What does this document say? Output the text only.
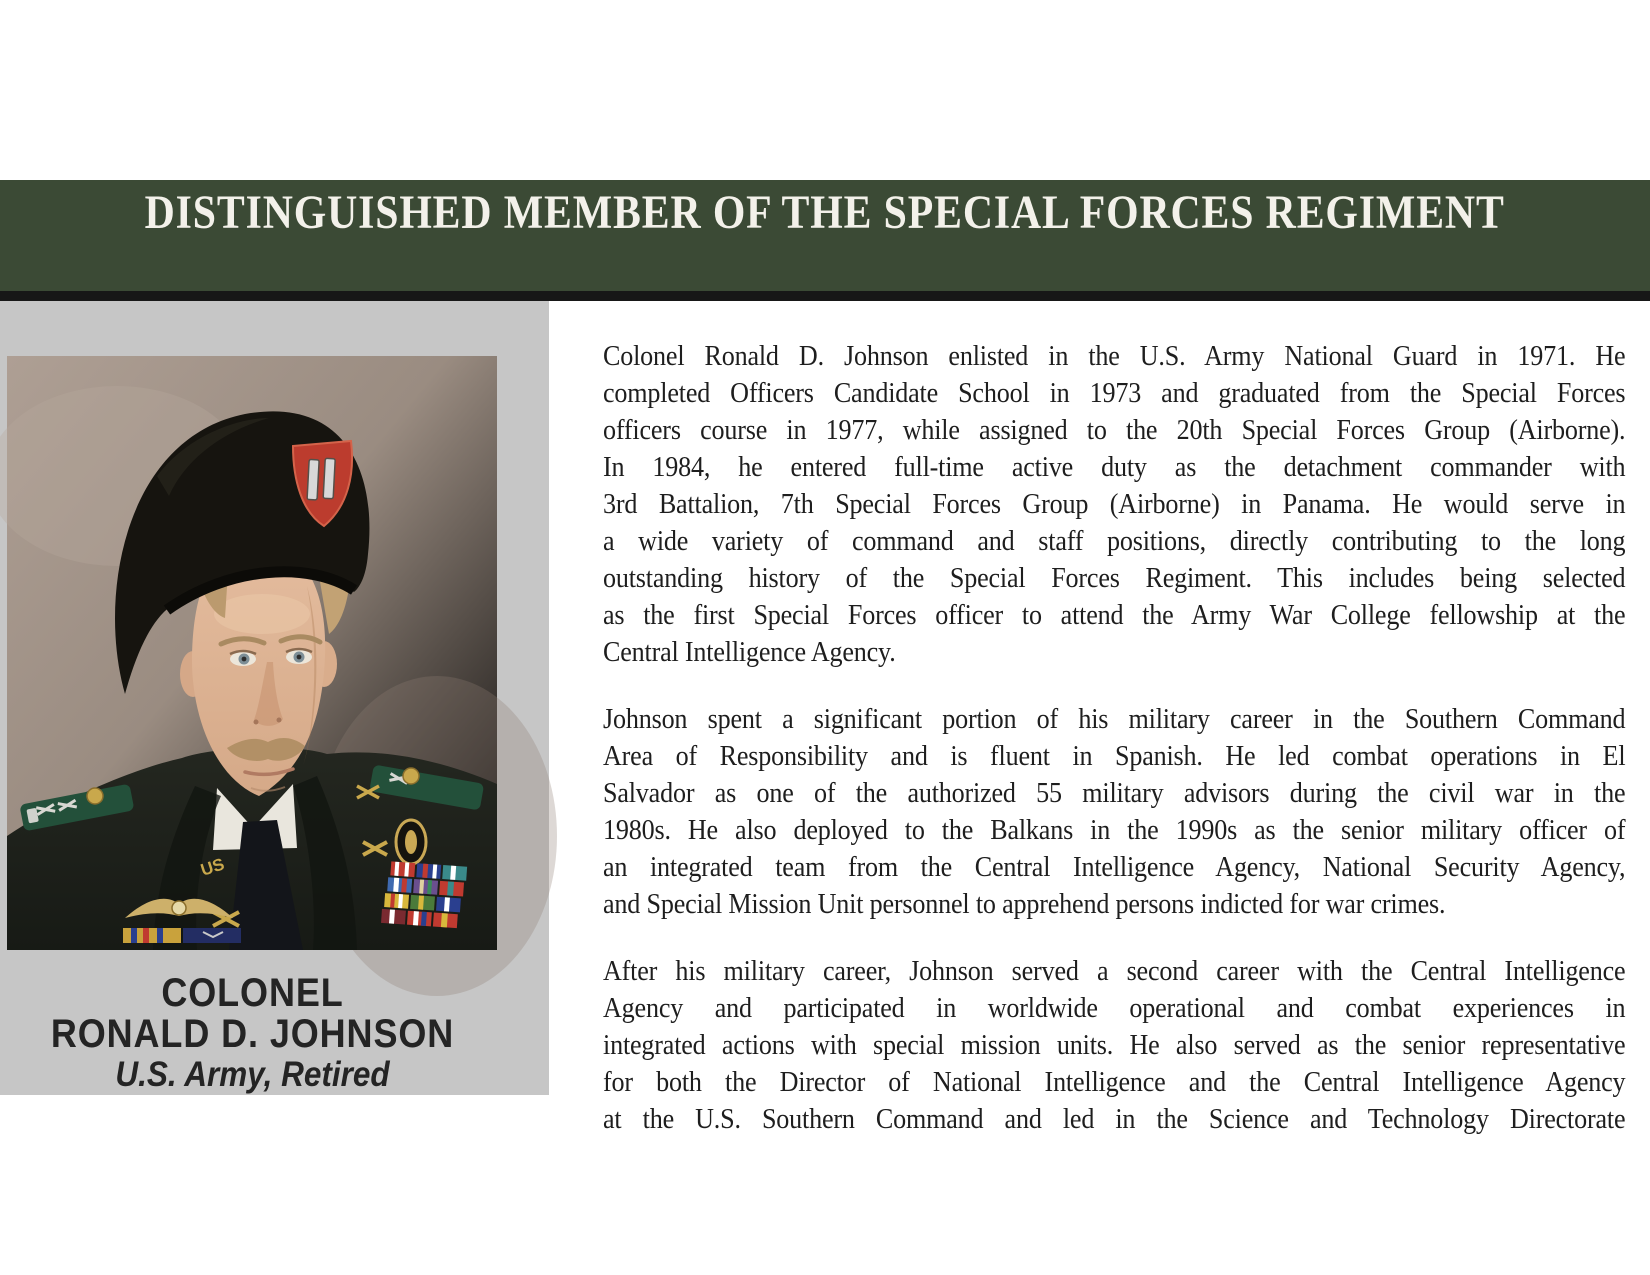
DISTINGUISHED MEMBER OF THE SPECIAL FORCES REGIMENT
US
COLONEL
RONALD D. JOHNSON
U.S. Army, Retired
Colonel Ronald D. Johnson enlisted in the U.S. Army National Guard in 1971. He
completed Officers Candidate School in 1973 and graduated from the Special Forces
officers course in 1977, while assigned to the 20th Special Forces Group (Airborne).
In 1984, he entered full-time active duty as the detachment commander with
3rd Battalion, 7th Special Forces Group (Airborne) in Panama. He would serve in
a wide variety of command and staff positions, directly contributing to the long
outstanding history of the Special Forces Regiment. This includes being selected
as the first Special Forces officer to attend the Army War College fellowship at the
Central Intelligence Agency.
Johnson spent a significant portion of his military career in the Southern Command
Area of Responsibility and is fluent in Spanish. He led combat operations in El
Salvador as one of the authorized 55 military advisors during the civil war in the
1980s. He also deployed to the Balkans in the 1990s as the senior military officer of
an integrated team from the Central Intelligence Agency, National Security Agency,
and Special Mission Unit personnel to apprehend persons indicted for war crimes.
After his military career, Johnson served a second career with the Central Intelligence
Agency and participated in worldwide operational and combat experiences in
integrated actions with special mission units. He also served as the senior representative
for both the Director of National Intelligence and the Central Intelligence Agency
at the U.S. Southern Command and led in the Science and Technology Directorate
